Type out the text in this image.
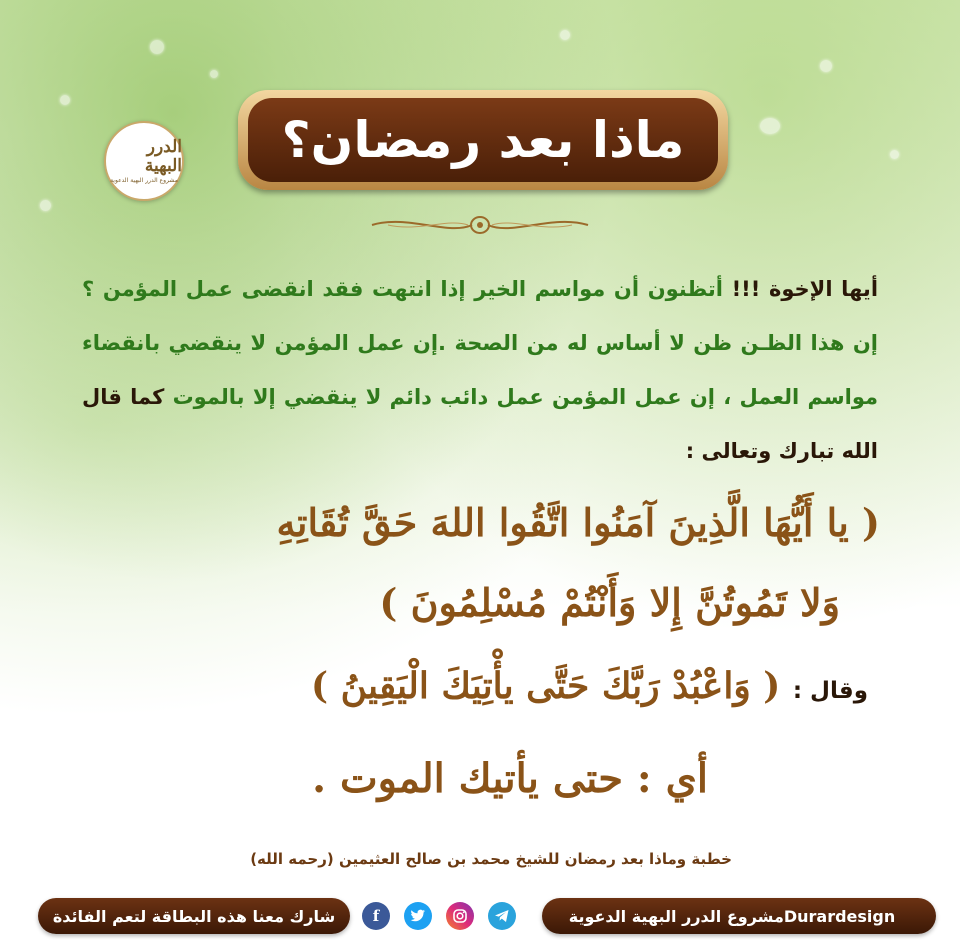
ماذا بعد رمضان؟
الدرر البهية
مشروع الدرر البهية الدعوية
أيها الإخوة !!! أتظنون أن مواسم الخير إذا انتهت فقد انقضى عمل المؤمن ؟ إن هذا الظـن ظن لا أساس له من الصحة .إن عمل المؤمن لا ينقضي بانقضاء مواسم العمل ، إن عمل المؤمن عمل دائب دائم لا ينقضي إلا بالموت كما قال الله تبارك وتعالى :
( يا أَيُّهَا الَّذِينَ آمَنُوا اتَّقُوا اللهَ حَقَّ تُقَاتِهِ
وَلا تَمُوتُنَّ إِلا وَأَنْتُمْ مُسْلِمُونَ )
وقال : ( وَاعْبُدْ رَبَّكَ حَتَّى يأْتِيَكَ الْيَقِينُ )
أي : حتى يأتيك الموت .
خطبة وماذا بعد رمضان للشيخ محمد بن صالح العثيمين (رحمه الله)
شارك معنا هذه البطاقة لتعم الفائدة	f	مشروع الدرر البهية الدعوية Durardesign
